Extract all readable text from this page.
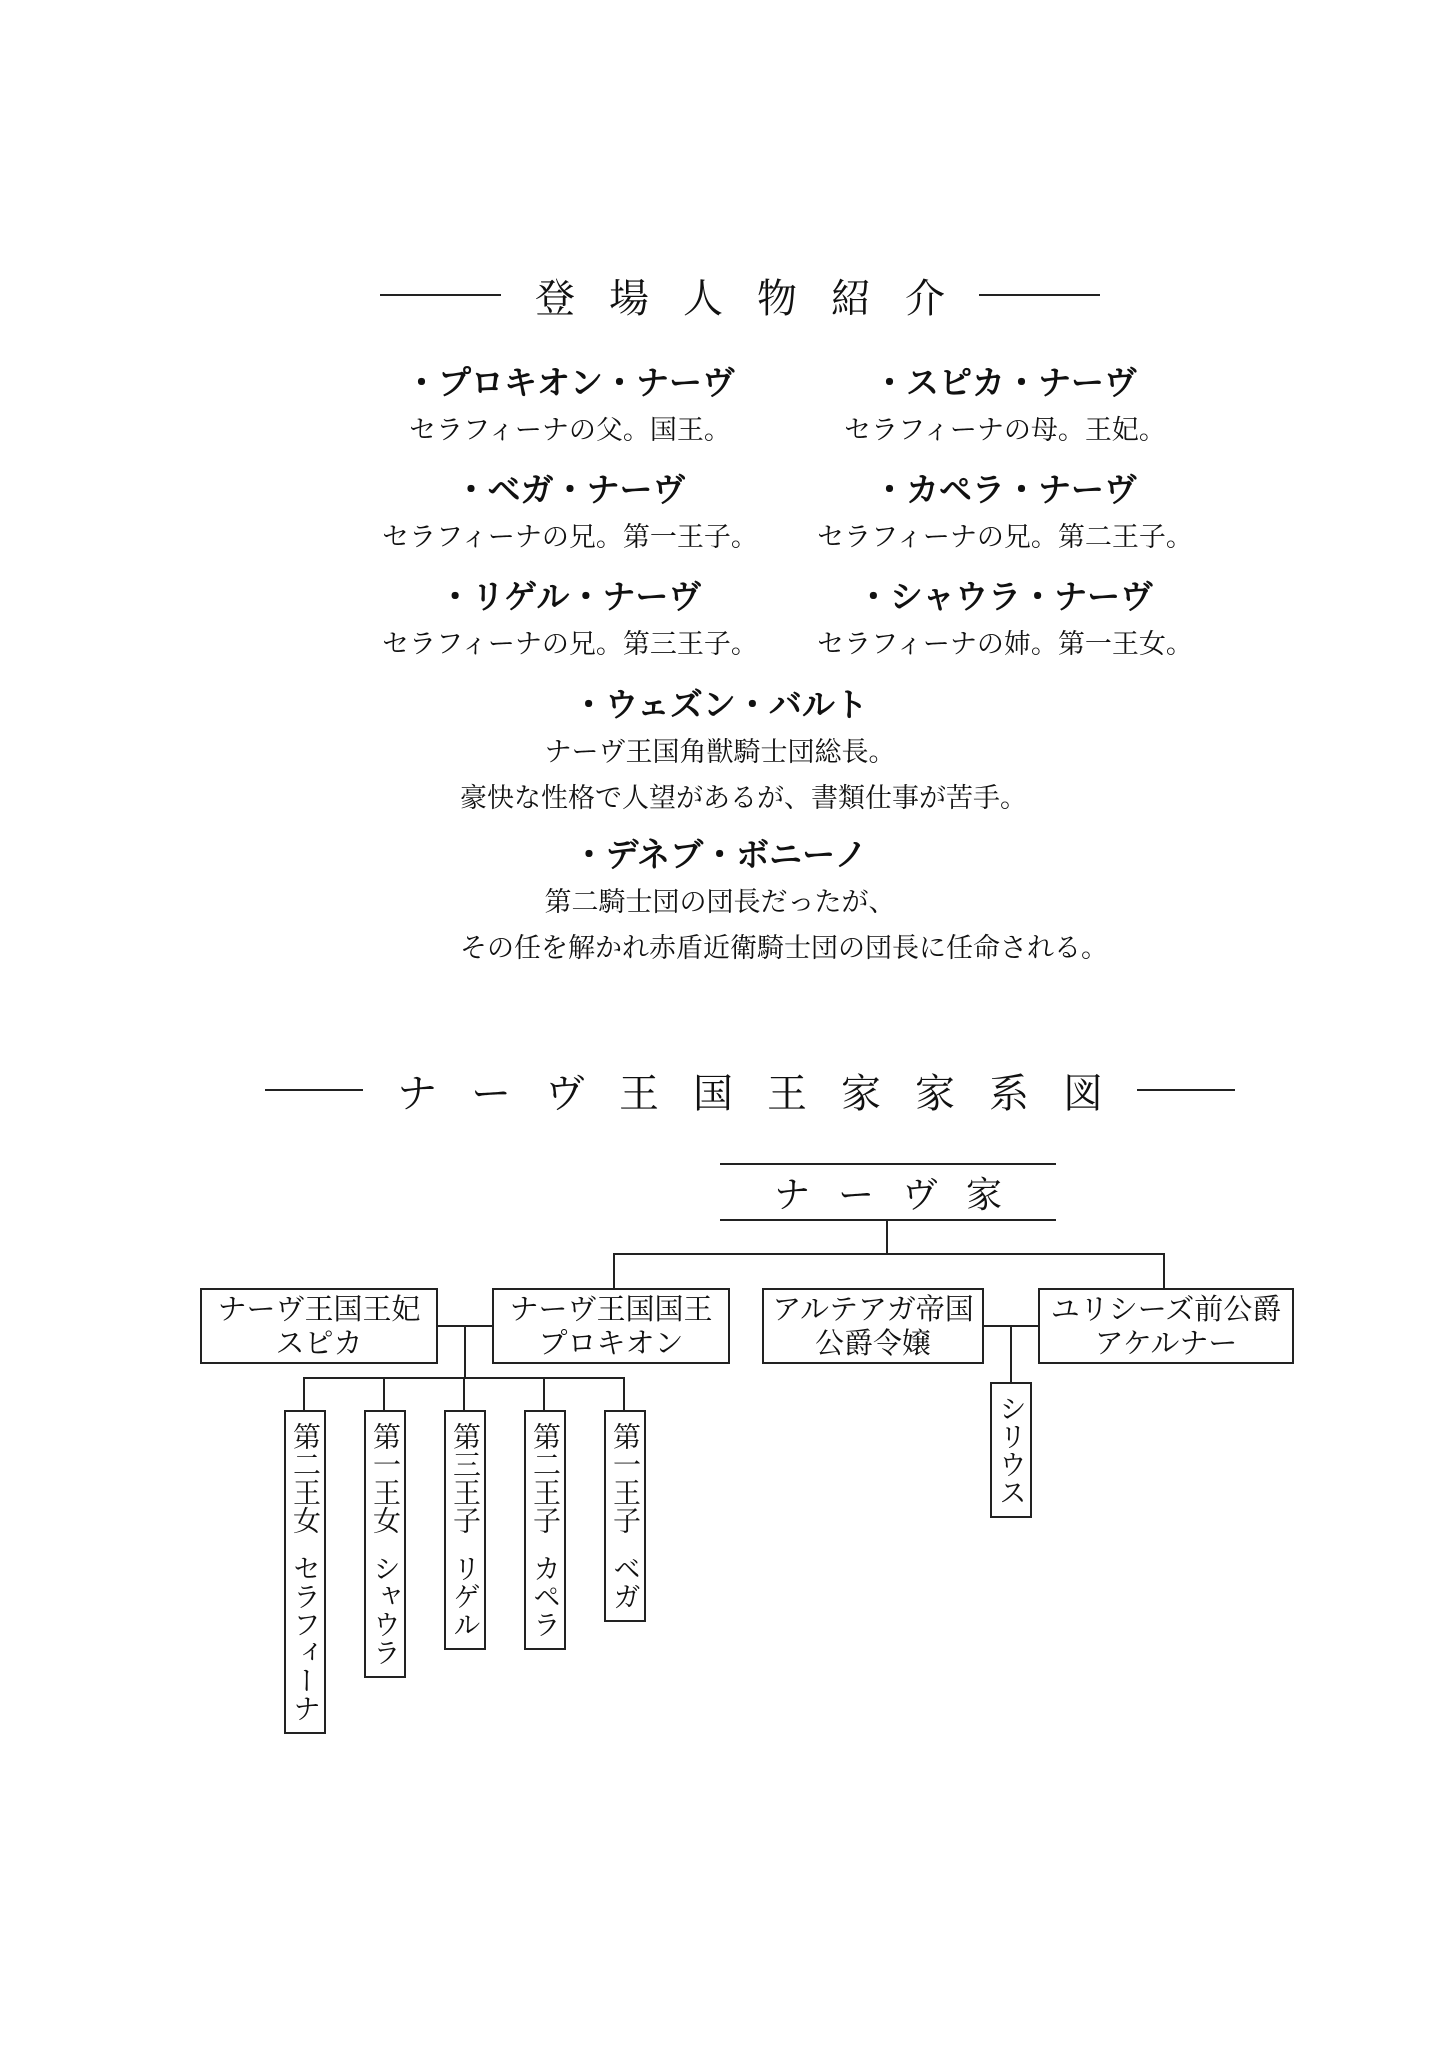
登場人物紹介
・プロキオン・ナーヴ
セラフィーナの父。国王。
・スピカ・ナーヴ
セラフィーナの母。王妃。
・ベガ・ナーヴ
セラフィーナの兄。第一王子。
・カペラ・ナーヴ
セラフィーナの兄。第二王子。
・リゲル・ナーヴ
セラフィーナの兄。第三王子。
・シャウラ・ナーヴ
セラフィーナの姉。第一王女。
・ウェズン・バルト
ナーヴ王国角獣騎士団総長。
豪快な性格で人望があるが、書類仕事が苦手。
・デネブ・ボニーノ
第二騎士団の団長だったが、
その任を解かれ赤盾近衛騎士団の団長に任命される。
ナーヴ王国王家家系図
ナーヴ家
ナーヴ王国王妃
スピカ
ナーヴ王国国王
プロキオン
アルテアガ帝国
公爵令嬢
ユリシーズ前公爵
アケルナー
第二王女セラフィーナ
第一王女シャウラ
第三王子リゲル
第二王子カペラ
第一王子ベガ
シリウス
